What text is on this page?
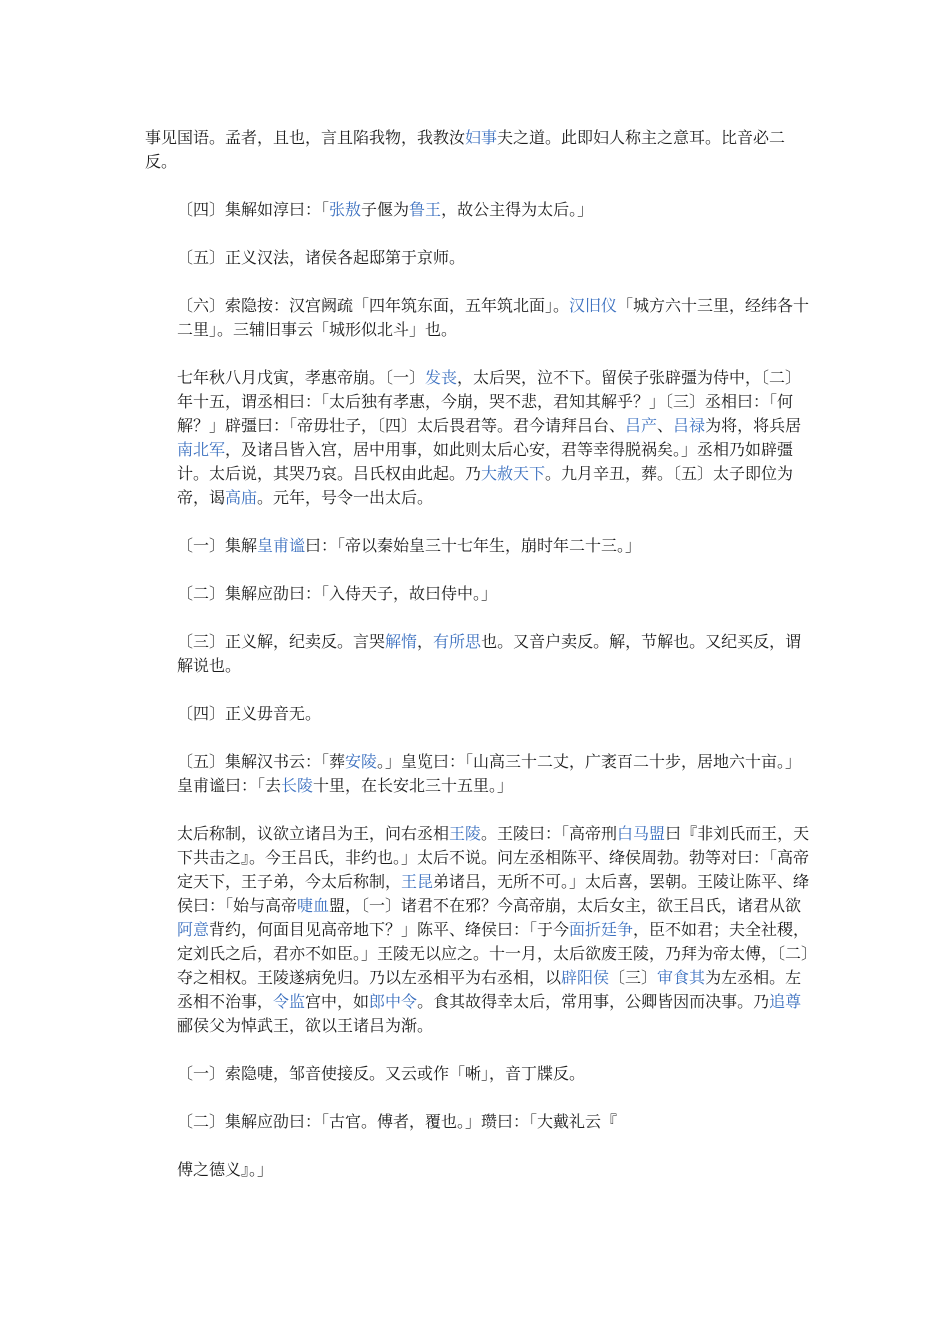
事见国语。孟者，且也，言且陷我物，我教汝妇事夫之道。此即妇人称主之意耳。比音必二反。

〔四〕集解如淳曰：「张敖子偃为鲁王，故公主得为太后。」

〔五〕正义汉法，诸侯各起邸第于京师。

〔六〕索隐按：汉宫阙疏「四年筑东面，五年筑北面」。汉旧仪「城方六十三里，经纬各十二里」。三辅旧事云「城形似北斗」也。

七年秋八月戊寅，孝惠帝崩。〔一〕发丧，太后哭，泣不下。留侯子张辟彊为侍中，〔二〕年十五，谓丞相曰：「太后独有孝惠，今崩，哭不悲，君知其解乎？」〔三〕丞相曰：「何解？」辟彊曰：「帝毋壮子，〔四〕太后畏君等。君今请拜吕台、吕产、吕禄为将，将兵居南北军，及诸吕皆入宫，居中用事，如此则太后心安，君等幸得脱祸矣。」丞相乃如辟彊计。太后说，其哭乃哀。吕氏权由此起。乃大赦天下。九月辛丑，葬。〔五〕太子即位为帝，谒高庙。元年，号令一出太后。

〔一〕集解皇甫谧曰：「帝以秦始皇三十七年生，崩时年二十三。」

〔二〕集解应劭曰：「入侍天子，故曰侍中。」

〔三〕正义解，纪卖反。言哭解惰，有所思也。又音户卖反。解，节解也。又纪买反，谓解说也。

〔四〕正义毋音无。

〔五〕集解汉书云：「葬安陵。」皇览曰：「山高三十二丈，广袤百二十步，居地六十亩。」皇甫谧曰：「去长陵十里，在长安北三十五里。」

太后称制，议欲立诸吕为王，问右丞相王陵。王陵曰：「高帝刑白马盟曰『非刘氏而王，天下共击之』。今王吕氏，非约也。」太后不说。问左丞相陈平、绛侯周勃。勃等对曰：「高帝定天下，王子弟，今太后称制，王昆弟诸吕，无所不可。」太后喜，罢朝。王陵让陈平、绛侯曰：「始与高帝啑血盟，〔一〕诸君不在邪？今高帝崩，太后女主，欲王吕氏，诸君从欲阿意背约，何面目见高帝地下？」陈平、绛侯曰：「于今面折廷争，臣不如君；夫全社稷，定刘氏之后，君亦不如臣。」王陵无以应之。十一月，太后欲废王陵，乃拜为帝太傅，〔二〕夺之相权。王陵遂病免归。乃以左丞相平为右丞相，以辟阳侯〔三〕审食其为左丞相。左丞相不治事，令监宫中，如郎中令。食其故得幸太后，常用事，公卿皆因而决事。乃追尊郦侯父为悼武王，欲以王诸吕为渐。

〔一〕索隐啑，邹音使接反。又云或作「唽」，音丁牒反。

〔二〕集解应劭曰：「古官。傅者，覆也。」瓒曰：「大戴礼云『

傅之德义』。」
